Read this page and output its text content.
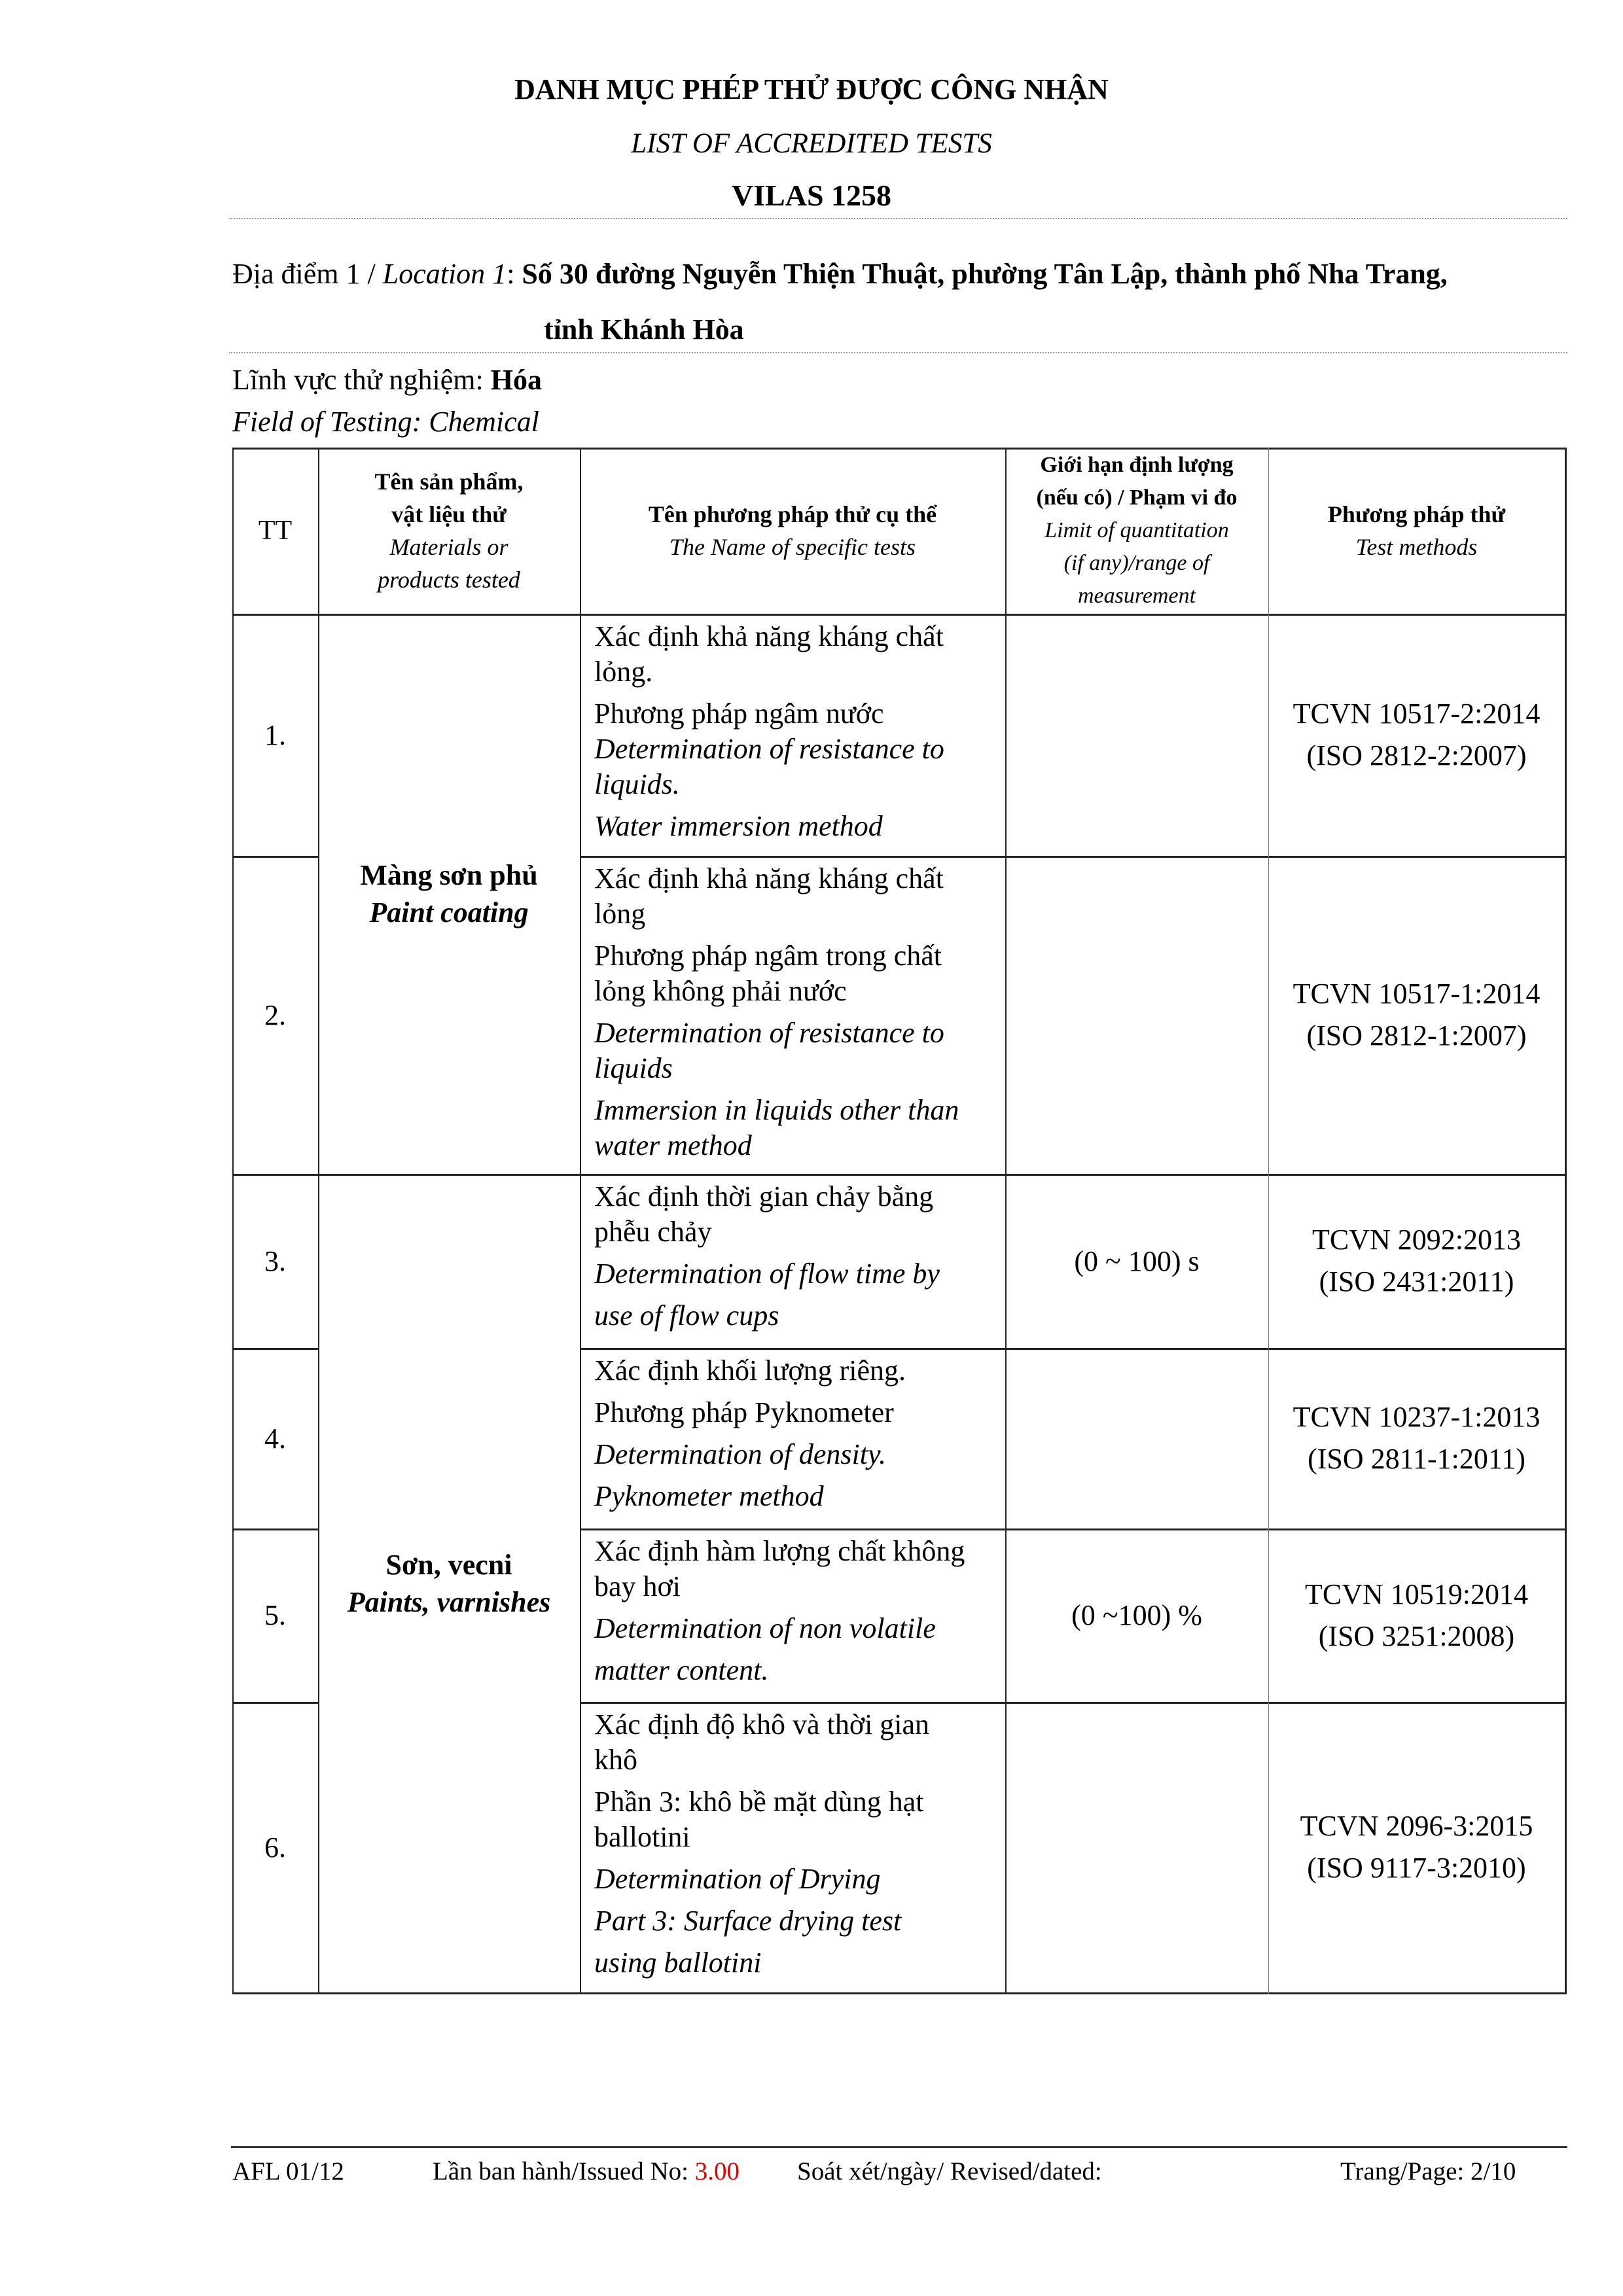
DANH MỤC PHÉP THỬ ĐƯỢC CÔNG NHẬN
LIST OF ACCREDITED TESTS
VILAS 1258
Địa điểm 1 / Location 1: Số 30 đường Nguyễn Thiện Thuật, phường Tân Lập, thành phố Nha Trang,
tỉnh Khánh Hòa
Lĩnh vực thử nghiệm: Hóa
Field of Testing: Chemical
TT
Tên sản phẩm,
vật liệu thử
Materials or
products tested
Tên phương pháp thử cụ thể
The Name of specific tests
Giới hạn định lượng
(nếu có) / Phạm vi đo
Limit of quantitation
(if any)/range of
measurement
Phương pháp thử
Test methods
Màng sơn phủ
Paint coating
Sơn, vecni
Paints, varnishes
1.
Xác định khả năng kháng chất
lỏng.
Phương pháp ngâm nước
Determination of resistance to
liquids.
Water immersion method
TCVN 10517-2:2014
(ISO 2812-2:2007)
2.
Xác định khả năng kháng chất
lỏng
Phương pháp ngâm trong chất
lỏng không phải nước
Determination of resistance to
liquids
Immersion in liquids other than
water method
TCVN 10517-1:2014
(ISO 2812-1:2007)
3.
Xác định thời gian chảy bằng
phễu chảy
Determination of flow time by
use of flow cups
(0 ~ 100) s
TCVN 2092:2013
(ISO 2431:2011)
4.
Xác định khối lượng riêng.
Phương pháp Pyknometer
Determination of density.
Pyknometer method
TCVN 10237-1:2013
(ISO 2811-1:2011)
5.
Xác định hàm lượng chất không
bay hơi
Determination of non volatile
matter content.
(0 ~100) %
TCVN 10519:2014
(ISO 3251:2008)
6.
Xác định độ khô và thời gian
khô
Phần 3: khô bề mặt dùng hạt
ballotini
Determination of Drying
Part 3: Surface drying test
using ballotini
TCVN 2096-3:2015
(ISO 9117-3:2010)
AFL 01/12	Lần ban hành/Issued No: 3.00 Soát xét/ngày/ Revised/dated:	Trang/Page: 2/10
